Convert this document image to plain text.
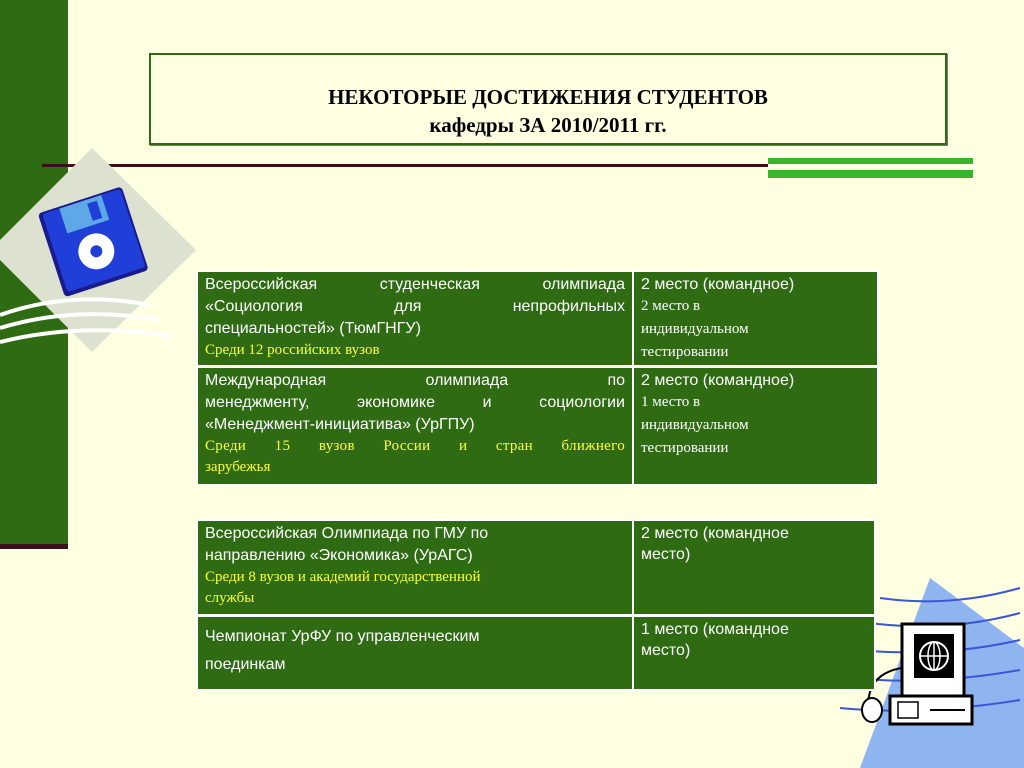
НЕКОТОРЫЕ ДОСТИЖЕНИЯ СТУДЕНТОВ
кафедры ЗА 2010/2011 гг.

Всероссийская студенческая олимпиада

«Социология для непрофильных

специальностей» (ТюмГНГУ)

Среди 12 российских вузов

2 место (командное)

2 место в

индивидуальном

тестировании

Международная олимпиада по

менеджменту, экономике и социологии

«Менеджмент-инициатива» (УрГПУ)

Среди 15 вузов России и стран ближнего

зарубежья

2 место (командное)

1 место в

индивидуальном

тестировании

Всероссийская Олимпиада по ГМУ по

направлению «Экономика» (УрАГС)

Среди 8 вузов и академий государственной

службы

2 место (командное

место)

Чемпионат УрФУ по управленческим

поединкам

1 место (командное

место)
